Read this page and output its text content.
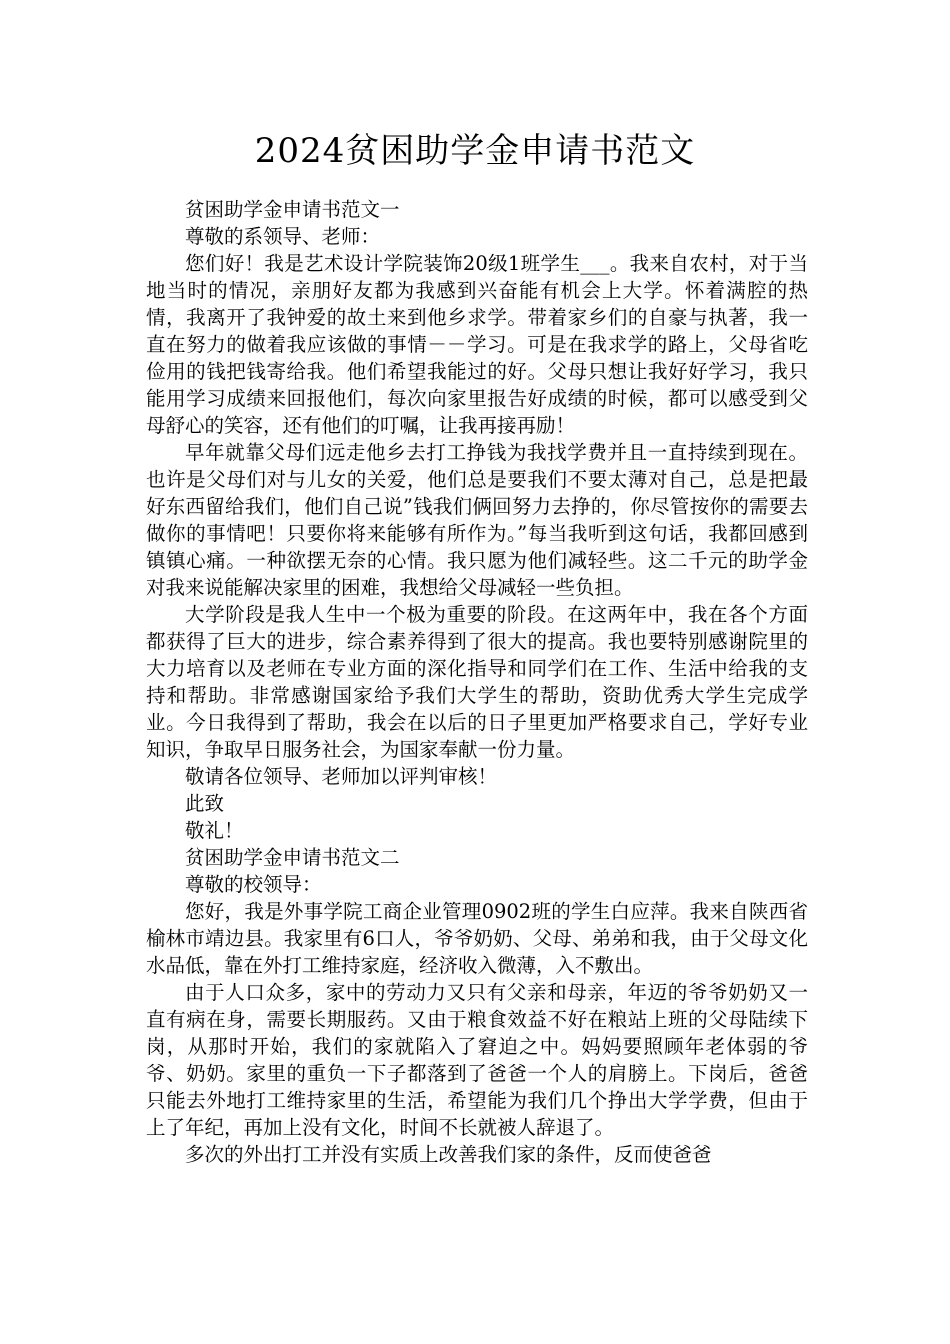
2024贫困助学金申请书范文

贫困助学金申请书范文一

尊敬的系领导、老师：

您们好！我是艺术设计学院装饰20级1班学生___。我来自农村，对于当地当时的情况，亲朋好友都为我感到兴奋能有机会上大学。怀着满腔的热情，我离开了我钟爱的故土来到他乡求学。带着家乡们的自豪与执著，我一直在努力的做着我应该做的事情－－学习。可是在我求学的路上，父母省吃俭用的钱把钱寄给我。他们希望我能过的好。父母只想让我好好学习，我只能用学习成绩来回报他们，每次向家里报告好成绩的时候，都可以感受到父母舒心的笑容，还有他们的叮嘱，让我再接再励！

早年就靠父母们远走他乡去打工挣钱为我找学费并且一直持续到现在。也许是父母们对与儿女的关爱，他们总是要我们不要太薄对自己，总是把最好东西留给我们，他们自己说”钱我们俩回努力去挣的，你尽管按你的需要去做你的事情吧！只要你将来能够有所作为。”每当我听到这句话，我都回感到镇镇心痛。一种欲摆无奈的心情。我只愿为他们减轻些。这二千元的助学金对我来说能解决家里的困难，我想给父母减轻一些负担。

大学阶段是我人生中一个极为重要的阶段。在这两年中，我在各个方面都获得了巨大的进步，综合素养得到了很大的提高。我也要特别感谢院里的大力培育以及老师在专业方面的深化指导和同学们在工作、生活中给我的支持和帮助。非常感谢国家给予我们大学生的帮助，资助优秀大学生完成学业。今日我得到了帮助，我会在以后的日子里更加严格要求自己，学好专业知识，争取早日服务社会，为国家奉献一份力量。

敬请各位领导、老师加以评判审核！

此致

敬礼！

贫困助学金申请书范文二

尊敬的校领导：

您好，我是外事学院工商企业管理0902班的学生白应萍。我来自陕西省榆林市靖边县。我家里有6口人，爷爷奶奶、父母、弟弟和我，由于父母文化水品低，靠在外打工维持家庭，经济收入微薄，入不敷出。

由于人口众多，家中的劳动力又只有父亲和母亲，年迈的爷爷奶奶又一直有病在身，需要长期服药。又由于粮食效益不好在粮站上班的父母陆续下岗，从那时开始，我们的家就陷入了窘迫之中。妈妈要照顾年老体弱的爷爷、奶奶。家里的重负一下子都落到了爸爸一个人的肩膀上。下岗后，爸爸只能去外地打工维持家里的生活，希望能为我们几个挣出大学学费，但由于上了年纪，再加上没有文化，时间不长就被人辞退了。

多次的外出打工并没有实质上改善我们家的条件，反而使爸爸
